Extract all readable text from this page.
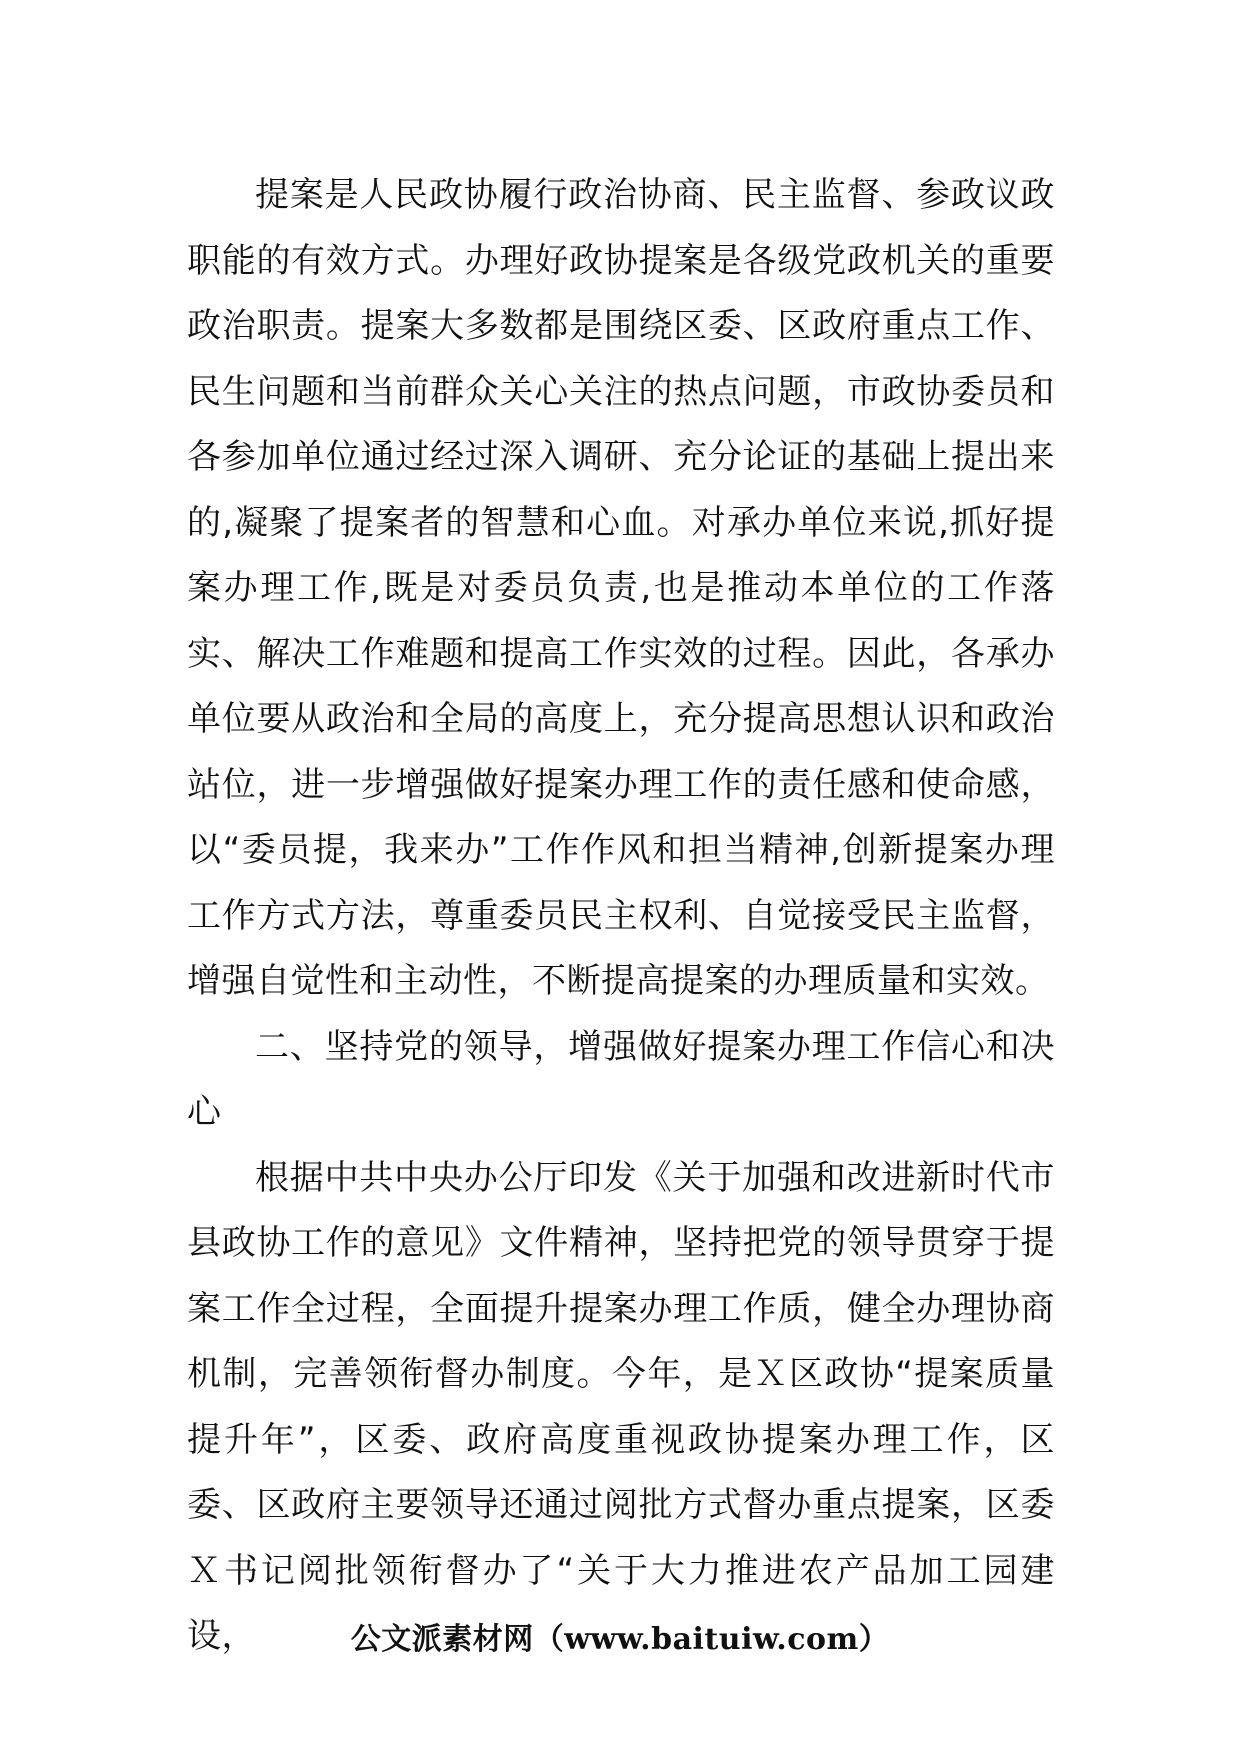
提案是人民政协履行政治协商、民主监督、参政议政职能的有效方式。办理好政协提案是各级党政机关的重要政治职责。提案大多数都是围绕区委、区政府重点工作、民生问题和当前群众关心关注的热点问题，市政协委员和各参加单位通过经过深入调研、充分论证的基础上提出来的,凝聚了提案者的智慧和心血。对承办单位来说,抓好提案办理工作,既是对委员负责,也是推动本单位的工作落实、解决工作难题和提高工作实效的过程。因此，各承办单位要从政治和全局的高度上，充分提高思想认识和政治站位，进一步增强做好提案办理工作的责任感和使命感，以“委员提，我来办”工作作风和担当精神,创新提案办理工作方式方法，尊重委员民主权利、自觉接受民主监督，增强自觉性和主动性，不断提高提案的办理质量和实效。

二、坚持党的领导，增强做好提案办理工作信心和决心

根据中共中央办公厅印发《关于加强和改进新时代市县政协工作的意见》文件精神，坚持把党的领导贯穿于提案工作全过程，全面提升提案办理工作质，健全办理协商机制，完善领衔督办制度。今年，是Ｘ区政协“提案质量提升年”，区委、政府高度重视政协提案办理工作，区委、区政府主要领导还通过阅批方式督办重点提案，区委Ｘ书记阅批领衔督办了“关于大力推进农产品加工园建设，	公文派素材网（www.baituiw.com）
